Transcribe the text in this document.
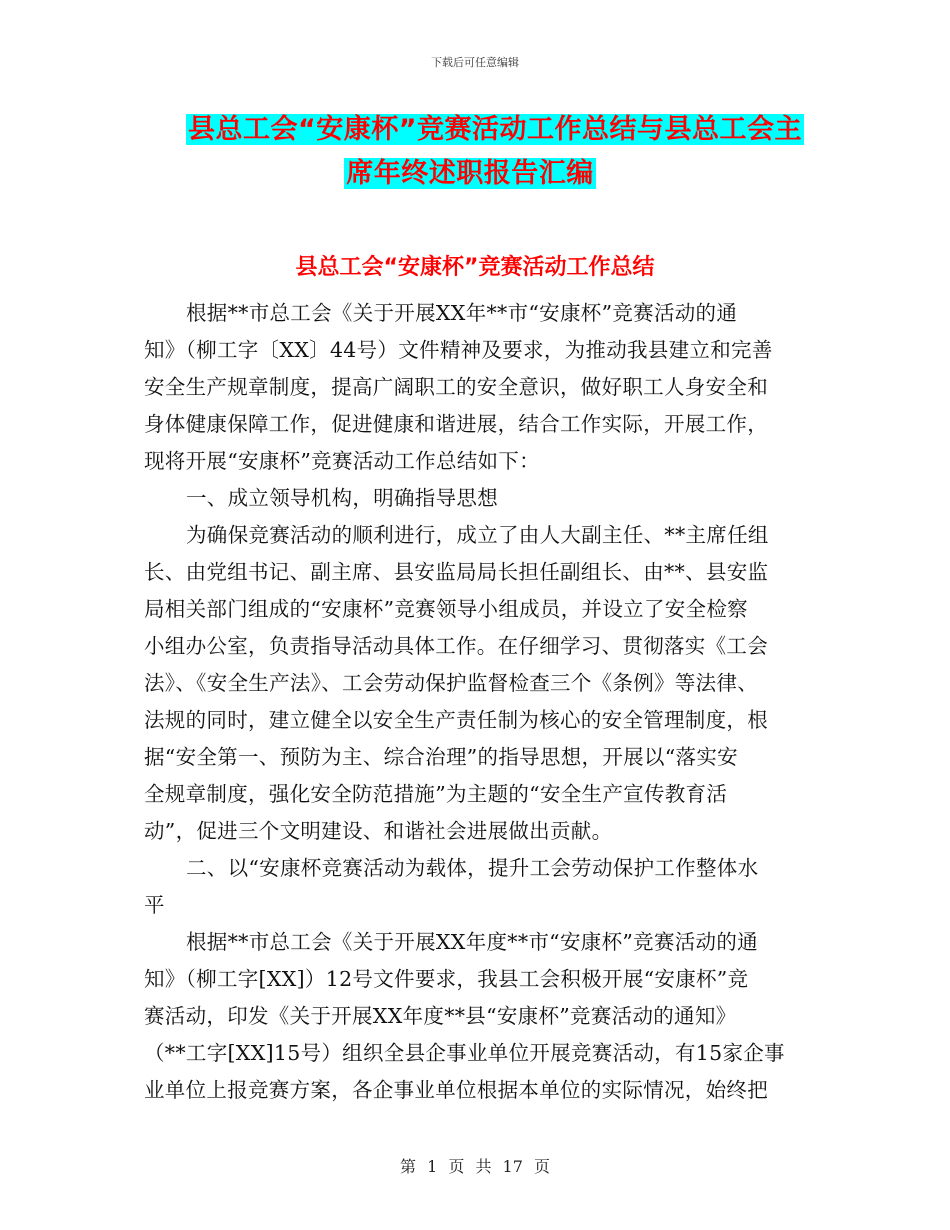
下载后可任意编辑
县总工会“安康杯”竞赛活动工作总结与县总工会主
席年终述职报告汇编
县总工会“安康杯”竞赛活动工作总结
根据**市总工会《关于开展XX年**市“安康杯”竞赛活动的通
知》（柳工字〔XX〕44号）文件精神及要求，为推动我县建立和完善
安全生产规章制度，提高广阔职工的安全意识，做好职工人身安全和
身体健康保障工作，促进健康和谐进展，结合工作实际，开展工作，
现将开展“安康杯”竞赛活动工作总结如下：
一、成立领导机构，明确指导思想
为确保竞赛活动的顺利进行，成立了由人大副主任、**主席任组
长、由党组书记、副主席、县安监局局长担任副组长、由**、县安监
局相关部门组成的“安康杯”竞赛领导小组成员，并设立了安全检察
小组办公室，负责指导活动具体工作。在仔细学习、贯彻落实《工会
法》、《安全生产法》、工会劳动保护监督检查三个《条例》等法律、
法规的同时，建立健全以安全生产责任制为核心的安全管理制度，根
据“安全第一、预防为主、综合治理”的指导思想，开展以“落实安
全规章制度，强化安全防范措施”为主题的“安全生产宣传教育活
动”，促进三个文明建设、和谐社会进展做出贡献。
二、以“安康杯竞赛活动为载体，提升工会劳动保护工作整体水
平
根据**市总工会《关于开展XX年度**市“安康杯”竞赛活动的通
知》（柳工字[XX]）12号文件要求，我县工会积极开展“安康杯”竞
赛活动，印发《关于开展XX年度**县“安康杯”竞赛活动的通知》
（**工字[XX]15号）组织全县企事业单位开展竞赛活动，有15家企事
业单位上报竞赛方案，各企事业单位根据本单位的实际情况，始终把
第 1 页 共 17 页
